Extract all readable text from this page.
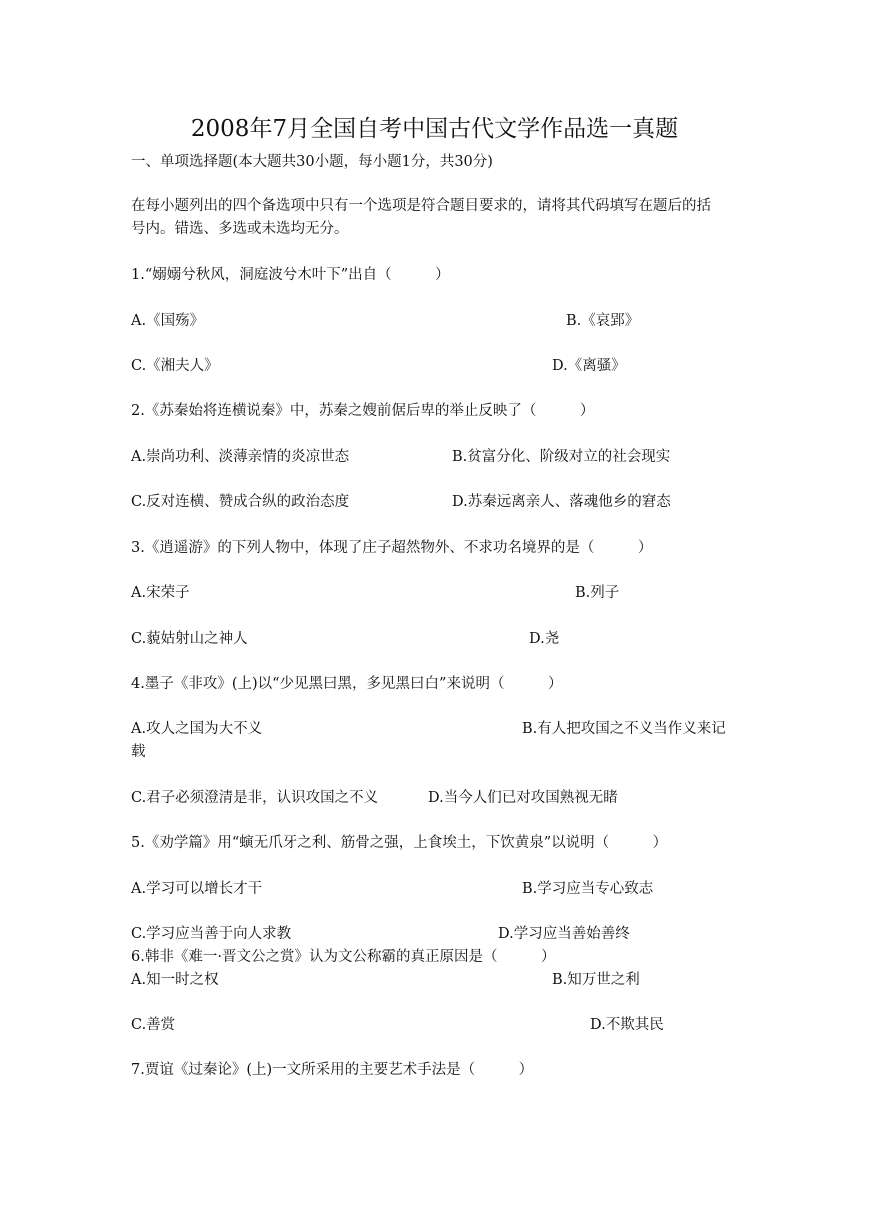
2008年7月全国自考中国古代文学作品选一真题
一、单项选择题(本大题共30小题，每小题1分，共30分)
在每小题列出的四个备选项中只有一个选项是符合题目要求的，请将其代码填写在题后的括
号内。错选、多选或未选均无分。
1.“嫋嫋兮秋风，洞庭波兮木叶下”出自（　　　）
A.《国殇》	B.《哀郢》
C.《湘夫人》	D.《离骚》
2.《苏秦始将连横说秦》中，苏秦之嫂前倨后卑的举止反映了（　　　）
A.崇尚功利、淡薄亲情的炎凉世态	B.贫富分化、阶级对立的社会现实
C.反对连横、赞成合纵的政治态度	D.苏秦远离亲人、落魂他乡的窘态
3.《逍遥游》的下列人物中，体现了庄子超然物外、不求功名境界的是（　　　）
A.宋荣子	B.列子
C.藐姑射山之神人	D.尧
4.墨子《非攻》(上)以“少见黑曰黑，多见黑曰白”来说明（　　　）
A.攻人之国为大不义	B.有人把攻国之不义当作义来记
载
C.君子必须澄清是非，认识攻国之不义	D.当今人们已对攻国熟视无睹
5.《劝学篇》用“螾无爪牙之利、筋骨之强，上食埃土，下饮黄泉”以说明（　　　）
A.学习可以增长才干	B.学习应当专心致志
C.学习应当善于向人求教	D.学习应当善始善终
6.韩非《难一·晋文公之赏》认为文公称霸的真正原因是（　　　）
A.知一时之权	B.知万世之利
C.善赏	D.不欺其民
7.贾谊《过秦论》(上)一文所采用的主要艺术手法是（　　　）
